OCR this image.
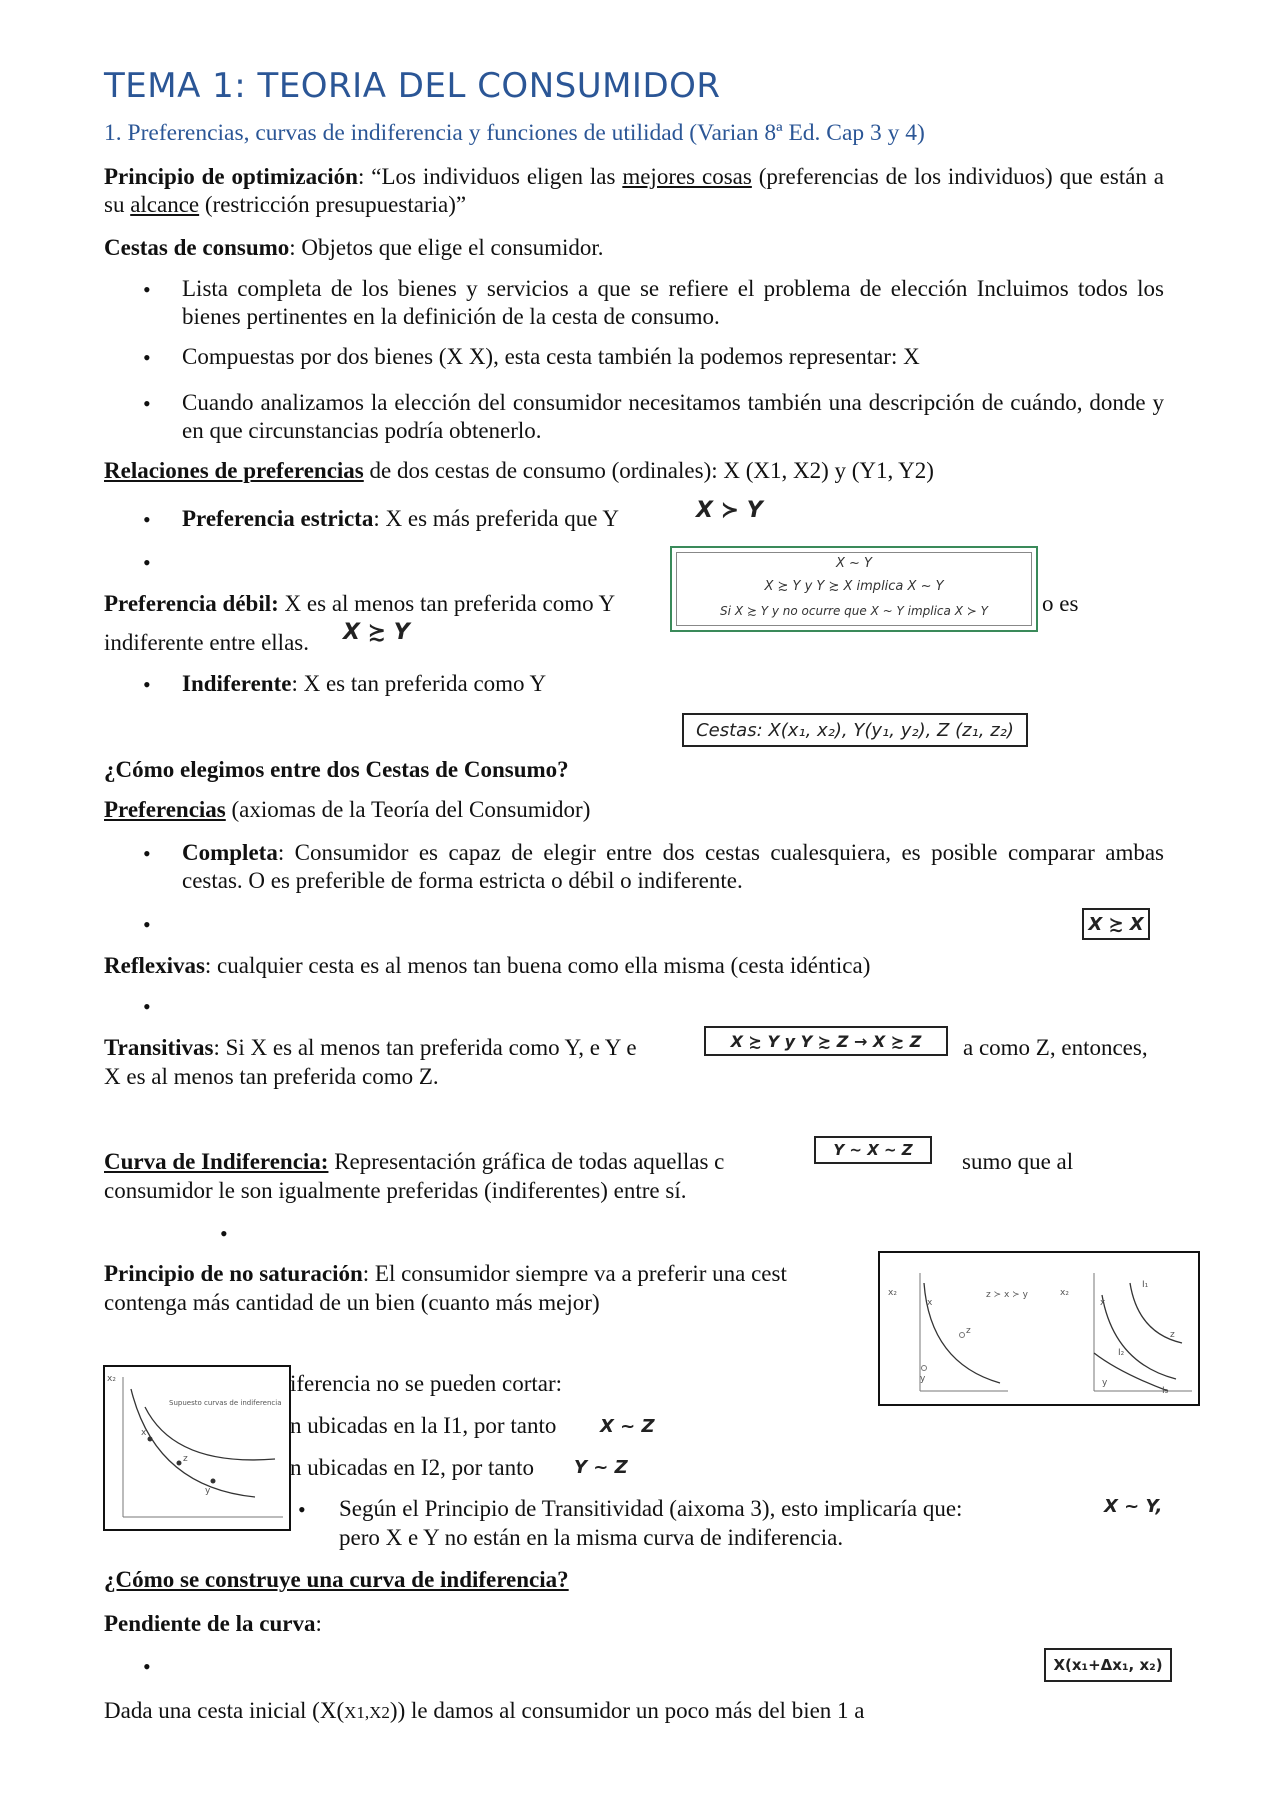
TEMA 1: TEORIA DEL CONSUMIDOR
1. Preferencias, curvas de indiferencia y funciones de utilidad (Varian 8ª Ed. Cap 3 y 4)
Principio de optimización: “Los individuos eligen las mejores cosas (preferencias de los individuos) que están a su alcance (restricción presupuestaria)”
Cestas de consumo: Objetos que elige el consumidor.
• Lista completa de los bienes y servicios a que se refiere el problema de elección Incluimos todos los bienes pertinentes en la definición de la cesta de consumo.
• Compuestas por dos bienes (X X), esta cesta también la podemos representar: X
• Cuando analizamos la elección del consumidor necesitamos también una descripción de cuándo, donde y en que circunstancias podría obtenerlo.
Relaciones de preferencias de dos cestas de consumo (ordinales): X (X1, X2) y (Y1, Y2)
• Preferencia estricta: X es más preferida que Y	X ≻ Y
•
Preferencia débil: X es al menos tan preferida como Y	o es
indiferente entre ellas. X ≿ Y
X ~ Y
X ≿ Y y Y ≿ X implica X ~ Y
Si X ≿ Y y no ocurre que X ~ Y implica X ≻ Y
• Indiferente: X es tan preferida como Y
Cestas: X(x₁, x₂), Y(y₁, y₂), Z (z₁, z₂)
¿Cómo elegimos entre dos Cestas de Consumo?
Preferencias (axiomas de la Teoría del Consumidor)
• Completa: Consumidor es capaz de elegir entre dos cestas cualesquiera, es posible comparar ambas cestas. O es preferible de forma estricta o débil o indiferente.
•	X ≿ X
Reflexivas: cualquier cesta es al menos tan buena como ella misma (cesta idéntica)
•
Transitivas: Si X es al menos tan preferida como Y, e Y e	a como Z, entonces,
X es al menos tan preferida como Z.
X ≿ Y y Y ≿ Z → X ≿ Z
Curva de Indiferencia: Representación gráfica de todas aquellas c	sumo que al
consumidor le son igualmente preferidas (indiferentes) entre sí.
Y ~ X ~ Z
•
Principio de no saturación: El consumidor siempre va a preferir una cest
contenga más cantidad de un bien (cuanto más mejor)	x₂
x
z
y
z ≻ x ≻ y	x₂
x
I₁
I₂
z
y
I₃
x₂
Supuesto curvas de indiferencia
x
z
y
iferencia no se pueden cortar:
n ubicadas en la I1, por tanto X ~ Z
n ubicadas en I2, por tanto Y ~ Z
• Según el Principio de Transitividad (aixoma 3), esto implicaría que:	X ~ Y,
pero X e Y no están en la misma curva de indiferencia.
¿Cómo se construye una curva de indiferencia?
Pendiente de la curva:
•	X(x₁+Δx₁, x₂)
Dada una cesta inicial (X(X1,X2)) le damos al consumidor un poco más del bien 1 a
